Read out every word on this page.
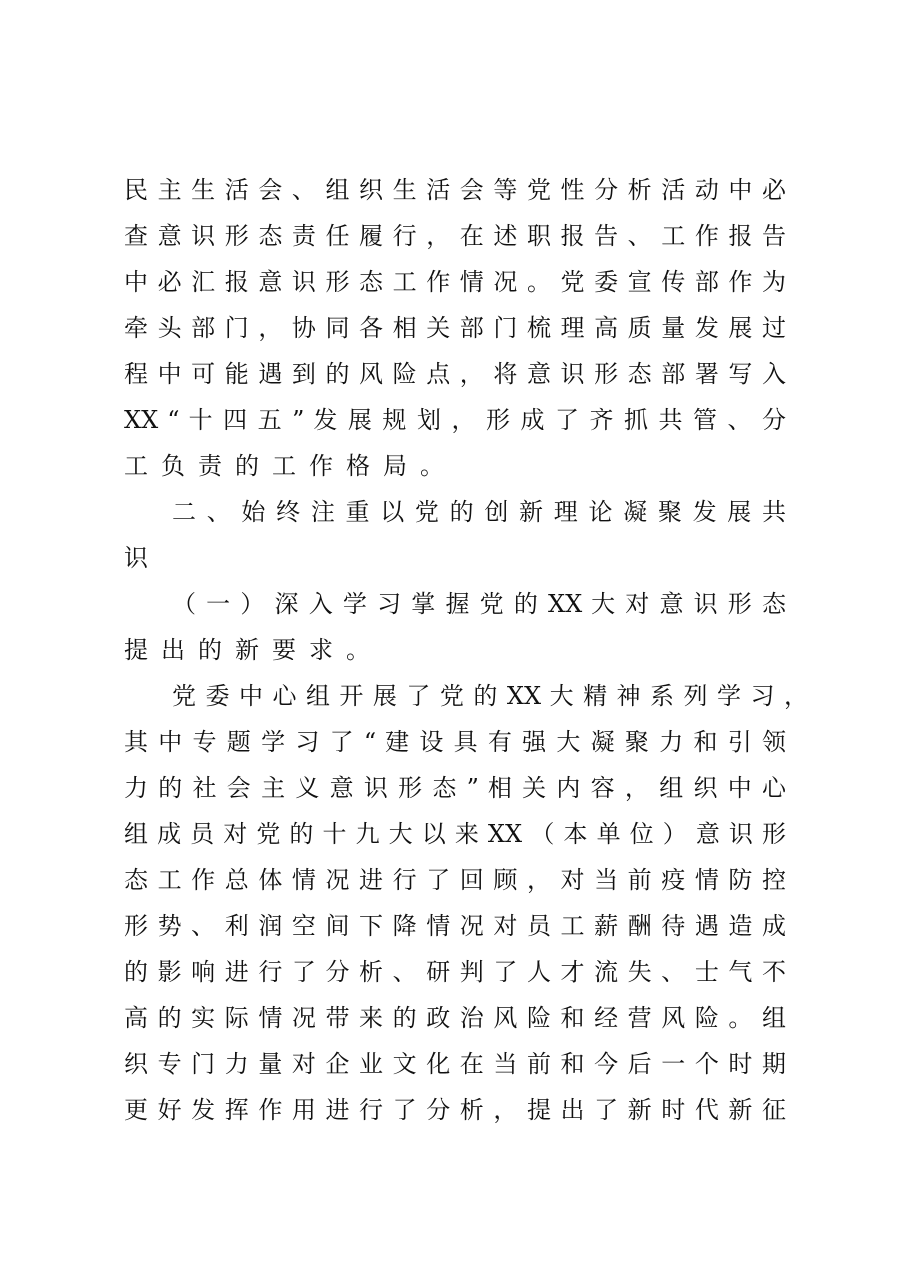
民 主 生 活 会 、 组 织 生 活 会 等 党 性 分 析 活 动 中 必
查 意 识 形 态 责 任 履 行 ， 在 述 职 报 告 、 工 作 报 告
中 必 汇 报 意 识 形 态 工 作 情 况 。 党 委 宣 传 部 作 为
牵 头 部 门 ， 协 同 各 相 关 部 门 梳 理 高 质 量 发 展 过
程 中 可 能 遇 到 的 风 险 点 ， 将 意 识 形 态 部 署 写 入
XX “ 十 四 五 ” 发 展 规 划 ， 形 成 了 齐 抓 共 管 、 分
工负责的工作格局。
二 、 始 终 注 重 以 党 的 创 新 理 论 凝 聚 发 展 共
识
（ 一 ） 深 入 学 习 掌 握 党 的 XX 大 对 意 识 形 态
提出的新要求。
党 委 中 心 组 开 展 了 党 的 XX 大 精 神 系 列 学 习 ，
其 中 专 题 学 习 了 “ 建 设 具 有 强 大 凝 聚 力 和 引 领
力 的 社 会 主 义 意 识 形 态 ” 相 关 内 容 ， 组 织 中 心
组 成 员 对 党 的 十 九 大 以 来 XX （ 本 单 位 ） 意 识 形
态 工 作 总 体 情 况 进 行 了 回 顾 ， 对 当 前 疫 情 防 控
形 势 、 利 润 空 间 下 降 情 况 对 员 工 薪 酬 待 遇 造 成
的 影 响 进 行 了 分 析 、 研 判 了 人 才 流 失 、 士 气 不
高 的 实 际 情 况 带 来 的 政 治 风 险 和 经 营 风 险 。 组
织 专 门 力 量 对 企 业 文 化 在 当 前 和 今 后 一 个 时 期
更 好 发 挥 作 用 进 行 了 分 析 ， 提 出 了 新 时 代 新 征
